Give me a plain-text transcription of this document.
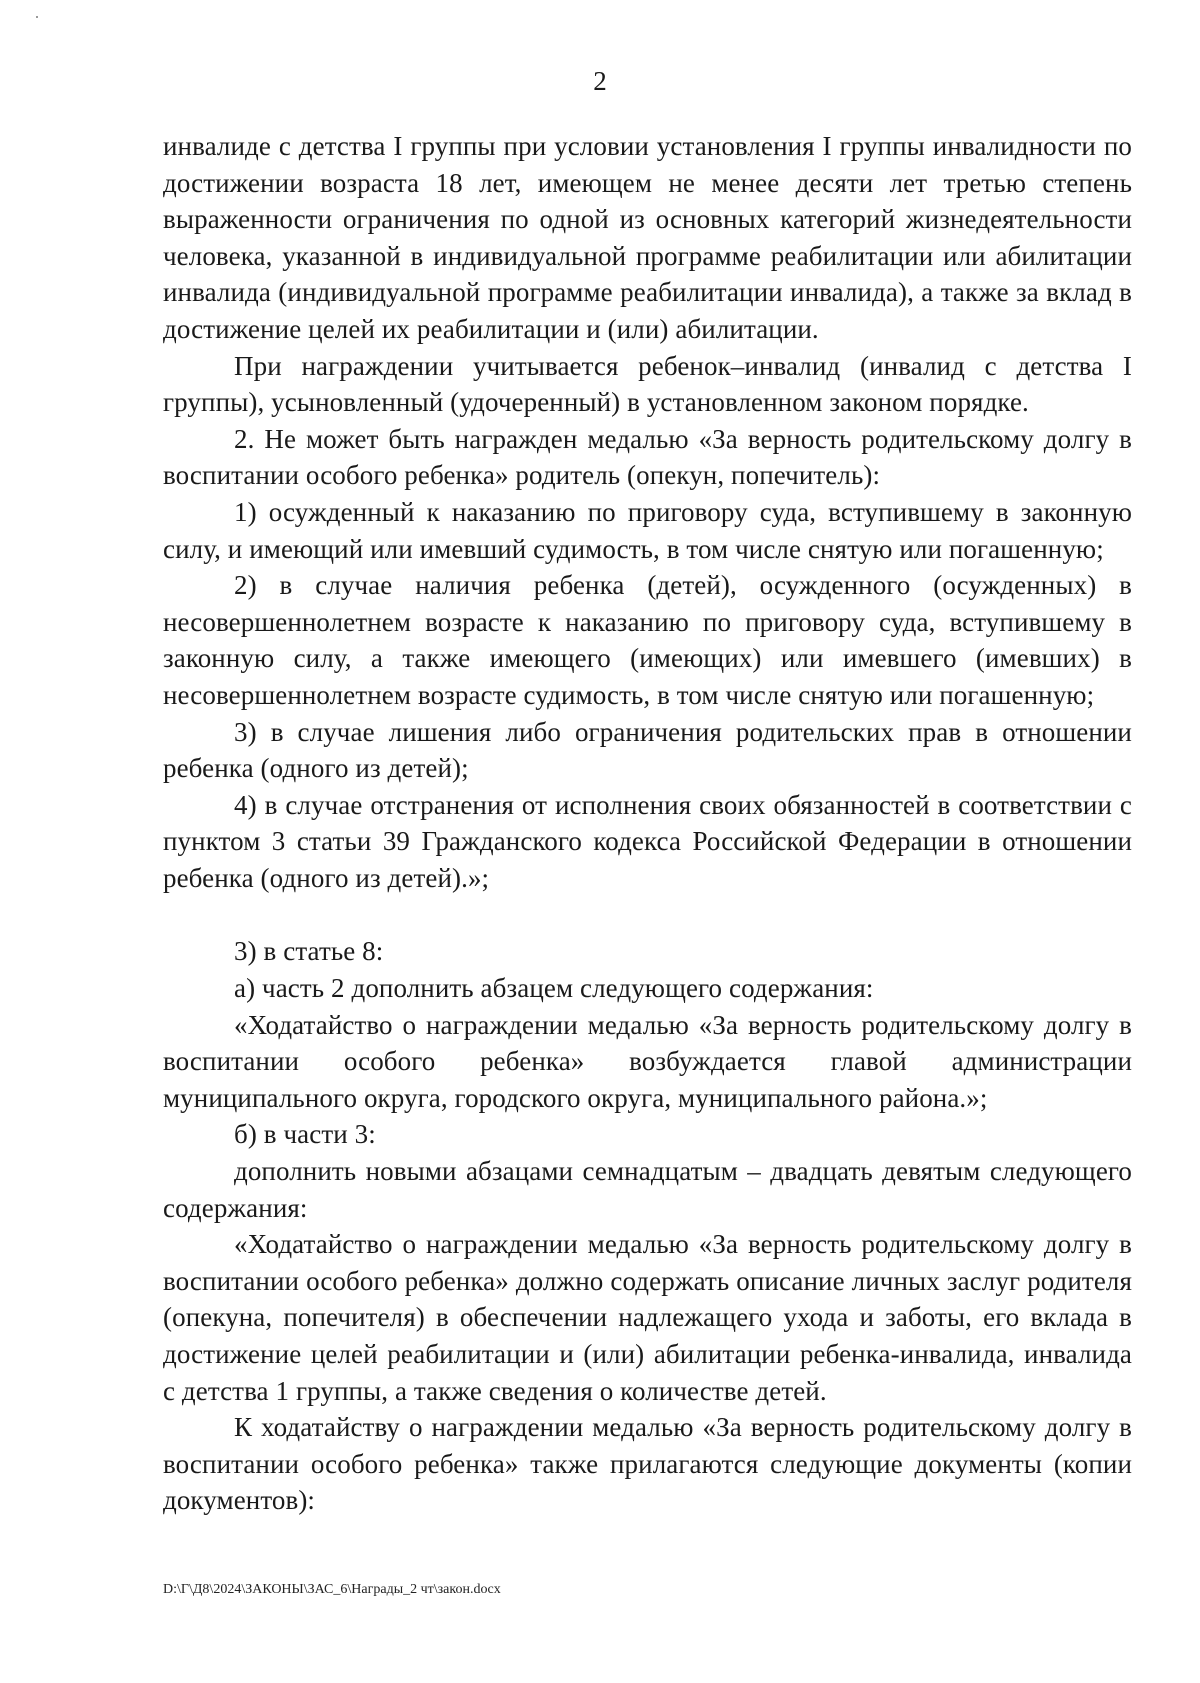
2

инвалиде с детства I группы при условии установления I группы инвалидности по достижении возраста 18 лет, имеющем не менее десяти лет третью степень выраженности ограничения по одной из основных категорий жизнедеятельности человека, указанной в индивидуальной программе реабилитации или абилитации инвалида (индивидуальной программе реабилитации инвалида), а также за вклад в достижение целей их реабилитации и (или) абилитации.

При награждении учитывается ребенок–инвалид (инвалид с детства I группы), усыновленный (удочеренный) в установленном законом порядке.

2. Не может быть награжден медалью «За верность родительскому долгу в воспитании особого ребенка» родитель (опекун, попечитель):

1) осужденный к наказанию по приговору суда, вступившему в законную силу, и имеющий или имевший судимость, в том числе снятую или погашенную;

2) в случае наличия ребенка (детей), осужденного (осужденных) в несовершеннолетнем возрасте к наказанию по приговору суда, вступившему в законную силу, а также имеющего (имеющих) или имевшего (имевших) в несовершеннолетнем возрасте судимость, в том числе снятую или погашенную;

3) в случае лишения либо ограничения родительских прав в отношении ребенка (одного из детей);

4) в случае отстранения от исполнения своих обязанностей в соответствии с пунктом 3 статьи 39 Гражданского кодекса Российской Федерации в отношении ребенка (одного из детей).»;

3) в статье 8:

а) часть 2 дополнить абзацем следующего содержания:

«Ходатайство о награждении медалью «За верность родительскому долгу в воспитании особого ребенка» возбуждается главой администрации муниципального округа, городского округа, муниципального района.»;

б) в части 3:

дополнить новыми абзацами семнадцатым – двадцать девятым следующего содержания:

«Ходатайство о награждении медалью «За верность родительскому долгу в воспитании особого ребенка» должно содержать описание личных заслуг родителя (опекуна, попечителя) в обеспечении надлежащего ухода и заботы, его вклада в достижение целей реабилитации и (или) абилитации ребенка-инвалида, инвалида с детства 1 группы, а также сведения о количестве детей.

К ходатайству о награждении медалью «За верность родительскому долгу в воспитании особого ребенка» также прилагаются следующие документы (копии документов):

D:\Г\Д8\2024\ЗАКОНЫ\ЗАС_6\Награды_2 чт\закон.docx
